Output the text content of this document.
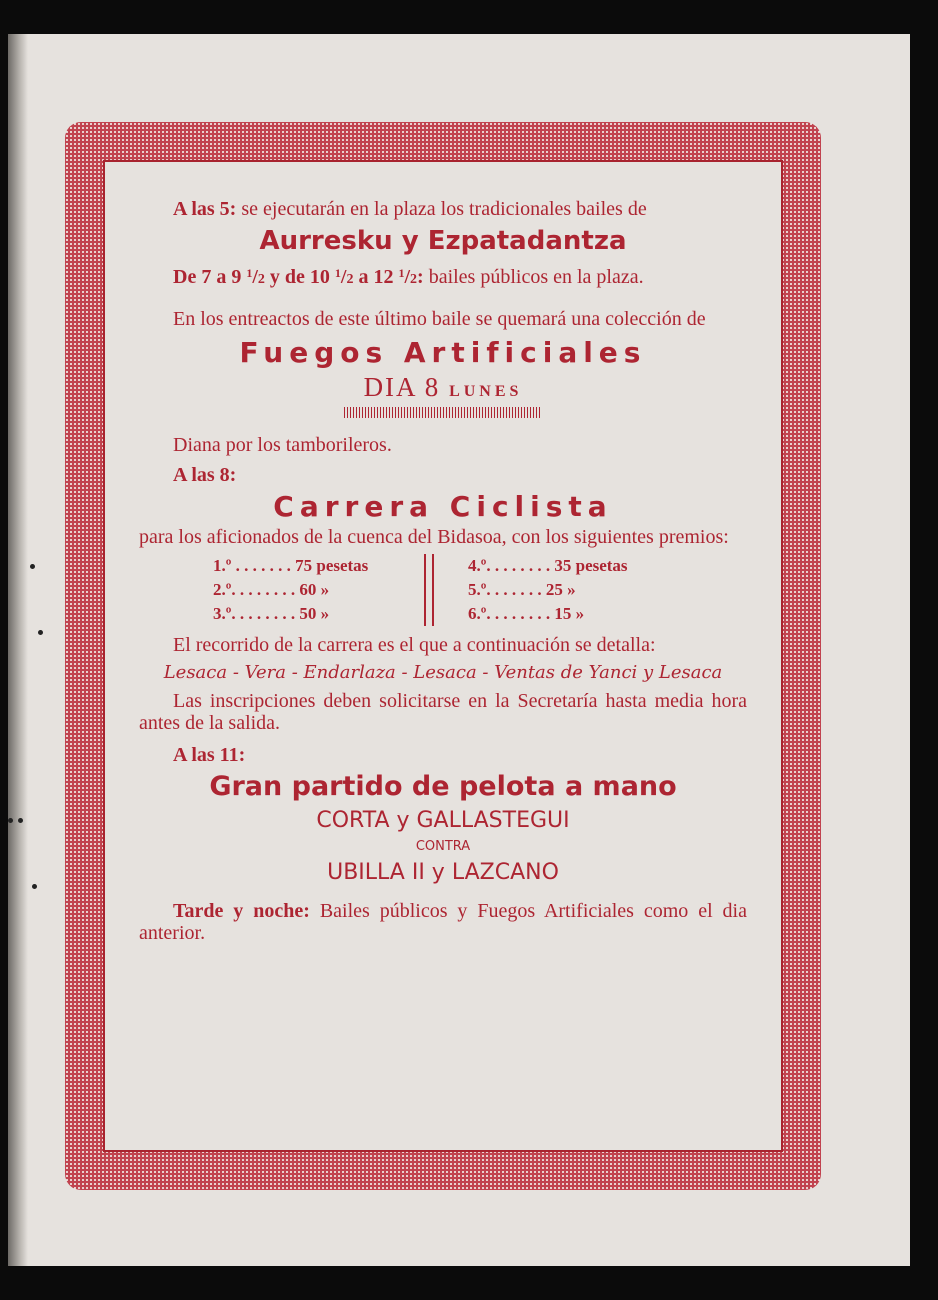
A las 5: se ejecutarán en la plaza los tradicionales bailes de

Aurresku y Ezpatadantza

De 7 a 9 $^1$/2 y de 10 $^1$/2 a 12 $^1$/2: bailes públicos en la plaza.

En los entreactos de este último baile se quemará una colección de

Fuegos Artificiales
DIA 8 LUNES

Diana por los tamborileros.

A las 8:

Carrera Ciclista

para los aficionados de la cuenca del Bidasoa, con los siguientes premios:

1.º . . . . . . . 75 pesetas
2.º. . . . . . . . 60 »
3.º. . . . . . . . 50 »
4.º. . . . . . . . 35 pesetas
5.º. . . . . . . 25 »
6.º. . . . . . . . 15 »

El recorrido de la carrera es el que a continuación se detalla:

Lesaca - Vera - Endarlaza - Lesaca - Ventas de Yanci y Lesaca

Las inscripciones deben solicitarse en la Secretaría hasta media hora antes de la salida.

A las 11:

Gran partido de pelota a mano
CORTA y GALLASTEGUI
CONTRA
UBILLA II y LAZCANO

Tarde y noche: Bailes públicos y Fuegos Artificiales como el dia anterior.
